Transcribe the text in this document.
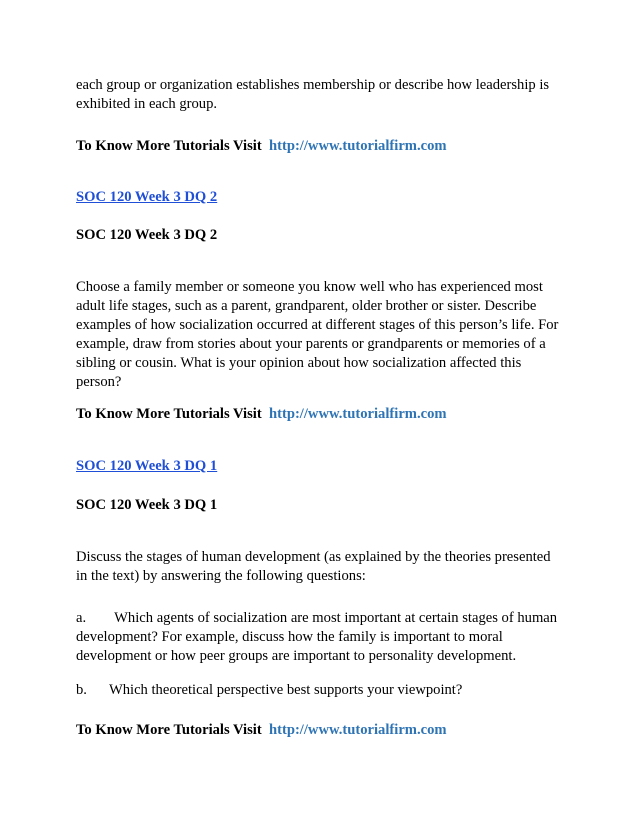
each group or organization establishes membership or describe how leadership is

exhibited in each group.

To Know More Tutorials Visit http://www.tutorialfirm.com

SOC 120 Week 3 DQ 2

SOC 120 Week 3 DQ 2

Choose a family member or someone you know well who has experienced most

adult life stages, such as a parent, grandparent, older brother or sister. Describe

examples of how socialization occurred at different stages of this person’s life. For

example, draw from stories about your parents or grandparents or memories of a

sibling or cousin. What is your opinion about how socialization affected this

person?

To Know More Tutorials Visit http://www.tutorialfirm.com

SOC 120 Week 3 DQ 1

SOC 120 Week 3 DQ 1

Discuss the stages of human development (as explained by the theories presented

in the text) by answering the following questions:

a. Which agents of socialization are most important at certain stages of human

development? For example, discuss how the family is important to moral

development or how peer groups are important to personality development.

b. Which theoretical perspective best supports your viewpoint?

To Know More Tutorials Visit http://www.tutorialfirm.com
